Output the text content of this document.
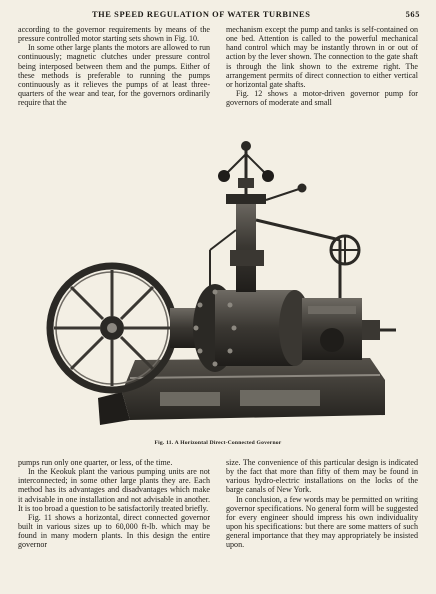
THE SPEED REGULATION OF WATER TURBINES	565

according to the governor requirements by means of the pressure controlled motor starting sets shown in Fig. 10.

In some other large plants the motors are allowed to run continuously; magnetic clutches under pressure control being interposed between them and the pumps. Either of these methods is preferable to running the pumps continuously as it relieves the pumps of at least three-quarters of the wear and tear, for the governors ordinarily require that the

mechanism except the pump and tanks is self-contained on one bed. Attention is called to the powerful mechanical hand control which may be instantly thrown in or out of action by the lever shown. The connection to the gate shaft is through the link shown to the extreme right. The arrangement permits of direct connection to either vertical or horizontal gate shafts.

Fig. 12 shows a motor-driven governor pump for governors of moderate and small

Fig. 11. A Horizontal Direct-Connected Governor

pumps run only one quarter, or less, of the time.

In the Keokuk plant the various pumping units are not interconnected; in some other large plants they are. Each method has its advantages and disadvantages which make it advisable in one installation and not advisable in another. It is too broad a question to be satisfactorily treated briefly.

Fig. 11 shows a horizontal, direct connected governor built in various sizes up to 60,000 ft-lb. which may be found in many modern plants. In this design the entire governor

size. The convenience of this particular design is indicated by the fact that more than fifty of them may be found in various hydro-electric installations on the locks of the barge canals of New York.

In conclusion, a few words may be permitted on writing governor specifications. No general form will be suggested for every engineer should impress his own individuality upon his specifications: but there are some matters of such general importance that they may appropriately be insisted upon.
